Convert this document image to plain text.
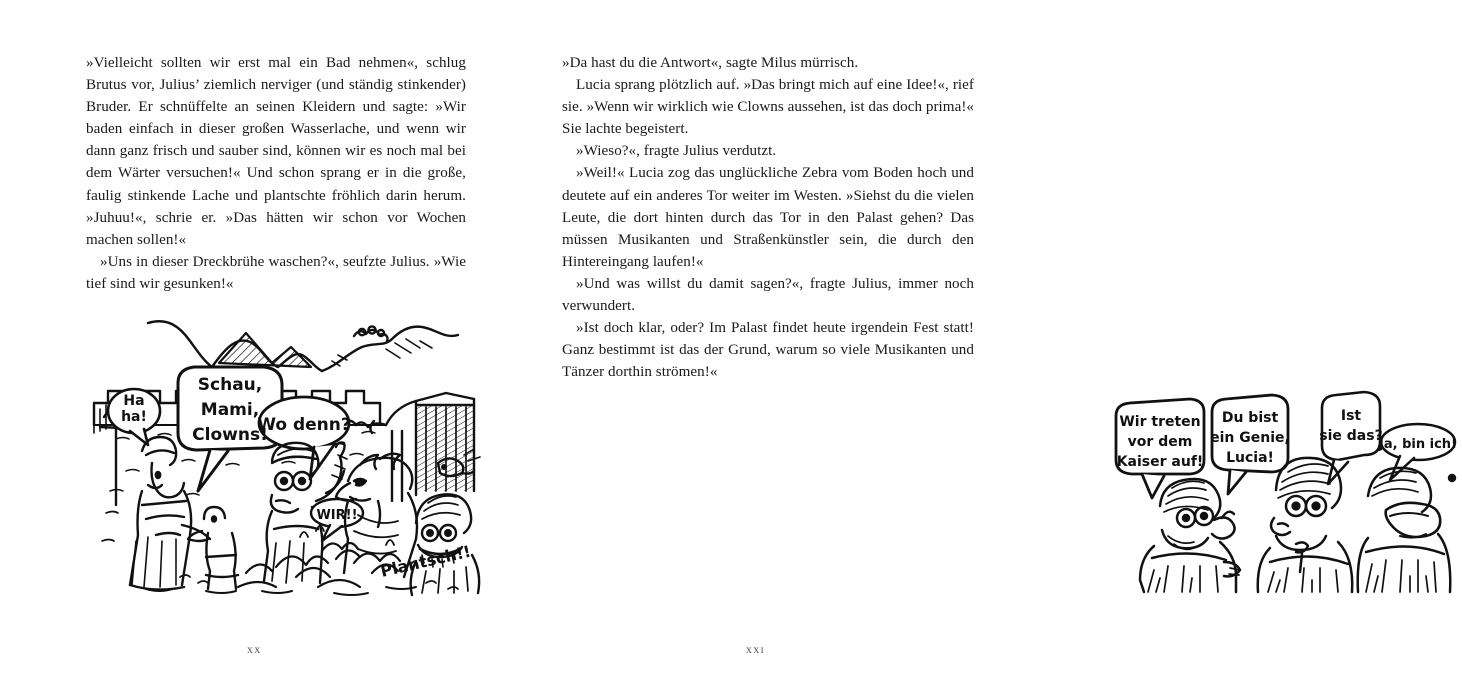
»Vielleicht sollten wir erst mal ein Bad nehmen«, schlug Brutus vor, Julius’ ziemlich nerviger (und ständig stinkender) Bruder. Er schnüffelte an seinen Kleidern und sagte: »Wir baden einfach in dieser großen Wasserlache, und wenn wir dann ganz frisch und sauber sind, können wir es noch mal bei dem Wärter versuchen!« Und schon sprang er in die große, faulig stinkende Lache und plantschte fröhlich darin herum. »Juhuu!«, schrie er. »Das hätten wir schon vor Wochen machen sollen!«

»Uns in dieser Dreckbrühe waschen?«, seufzte Julius. »Wie tief sind wir gesunken!«

Ha
ha!
Schau,
Mami,
Clowns!
Wo denn?
WIR!!
Plantsch!!
xx

»Da hast du die Antwort«, sagte Milus mürrisch.

Lucia sprang plötzlich auf. »Das bringt mich auf eine Idee!«, rief sie. »Wenn wir wirklich wie Clowns aussehen, ist das doch prima!« Sie lachte begeistert.

»Wieso?«, fragte Julius verdutzt.

»Weil!« Lucia zog das unglückliche Zebra vom Boden hoch und deutete auf ein anderes Tor weiter im Westen. »Siehst du die vielen Leute, die dort hinten durch das Tor in den Palast gehen? Das müssen Musikanten und Straßenkünstler sein, die durch den Hintereingang laufen!«

»Und was willst du damit sagen?«, fragte Julius, immer noch verwundert.

»Ist doch klar, oder? Im Palast findet heute irgendein Fest statt! Ganz bestimmt ist das der Grund, warum so viele Musikanten und Tänzer dorthin strömen!«

Wir treten
vor dem
Kaiser auf!
Du bist
ein Genie,
Lucia!
Ist
sie das?
Ja, bin ich!
xxi
